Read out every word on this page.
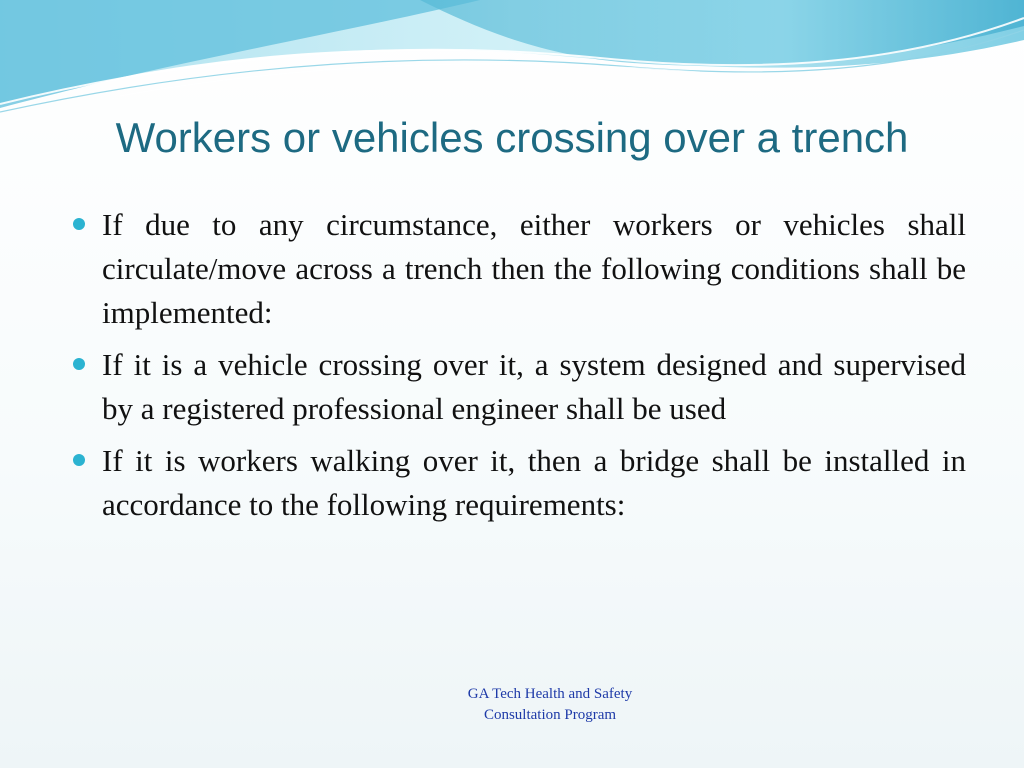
Workers or vehicles crossing over a trench
If due to any circumstance, either workers or vehicles shall circulate/move across a trench then the following conditions shall be implemented:
If it is a vehicle crossing over it, a system designed and supervised by a registered professional engineer shall be used
If it is workers walking over it, then a bridge shall be installed in accordance to the following requirements:
GA Tech Health and Safety
Consultation Program
